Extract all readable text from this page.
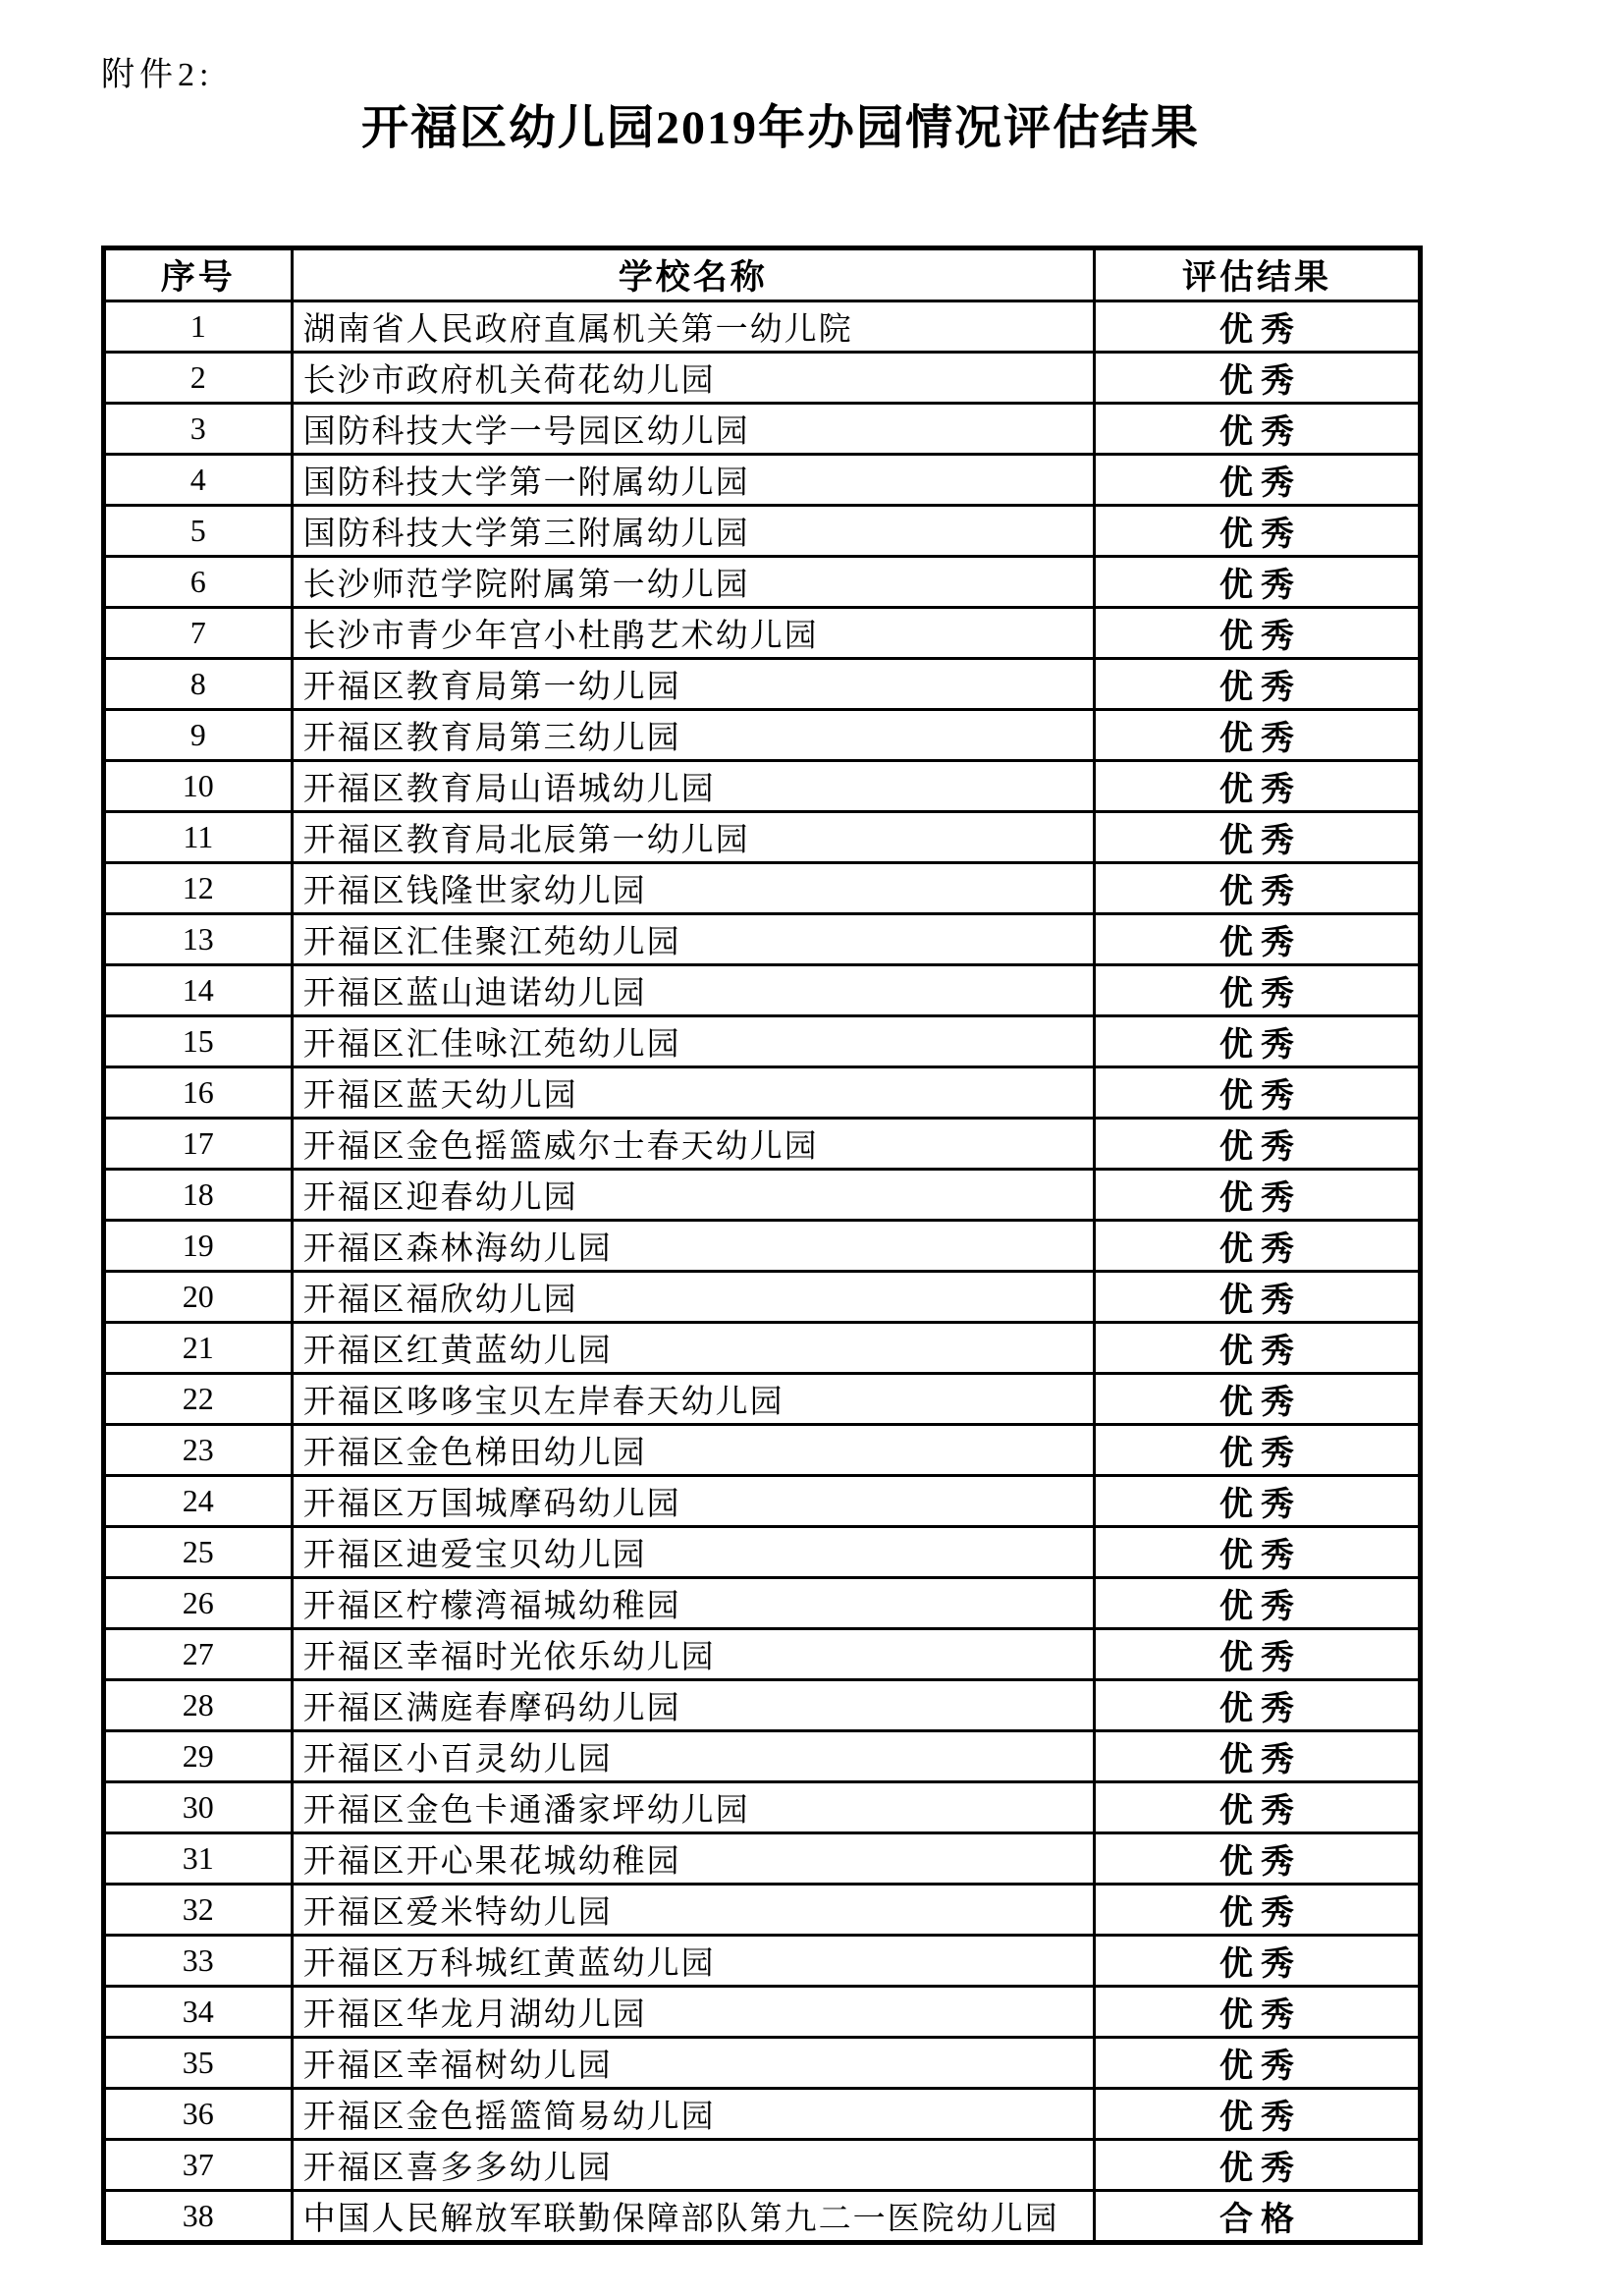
附件2:
开福区幼儿园2019年办园情况评估结果
序号	学校名称	评估结果
1	湖南省人民政府直属机关第一幼儿院	优秀
2	长沙市政府机关荷花幼儿园	优秀
3	国防科技大学一号园区幼儿园	优秀
4	国防科技大学第一附属幼儿园	优秀
5	国防科技大学第三附属幼儿园	优秀
6	长沙师范学院附属第一幼儿园	优秀
7	长沙市青少年宫小杜鹃艺术幼儿园	优秀
8	开福区教育局第一幼儿园	优秀
9	开福区教育局第三幼儿园	优秀
10	开福区教育局山语城幼儿园	优秀
11	开福区教育局北辰第一幼儿园	优秀
12	开福区钱隆世家幼儿园	优秀
13	开福区汇佳聚江苑幼儿园	优秀
14	开福区蓝山迪诺幼儿园	优秀
15	开福区汇佳咏江苑幼儿园	优秀
16	开福区蓝天幼儿园	优秀
17	开福区金色摇篮威尔士春天幼儿园	优秀
18	开福区迎春幼儿园	优秀
19	开福区森林海幼儿园	优秀
20	开福区福欣幼儿园	优秀
21	开福区红黄蓝幼儿园	优秀
22	开福区哆哆宝贝左岸春天幼儿园	优秀
23	开福区金色梯田幼儿园	优秀
24	开福区万国城摩码幼儿园	优秀
25	开福区迪爱宝贝幼儿园	优秀
26	开福区柠檬湾福城幼稚园	优秀
27	开福区幸福时光依乐幼儿园	优秀
28	开福区满庭春摩码幼儿园	优秀
29	开福区小百灵幼儿园	优秀
30	开福区金色卡通潘家坪幼儿园	优秀
31	开福区开心果花城幼稚园	优秀
32	开福区爱米特幼儿园	优秀
33	开福区万科城红黄蓝幼儿园	优秀
34	开福区华龙月湖幼儿园	优秀
35	开福区幸福树幼儿园	优秀
36	开福区金色摇篮简易幼儿园	优秀
37	开福区喜多多幼儿园	优秀
38	中国人民解放军联勤保障部队第九二一医院幼儿园	合格
